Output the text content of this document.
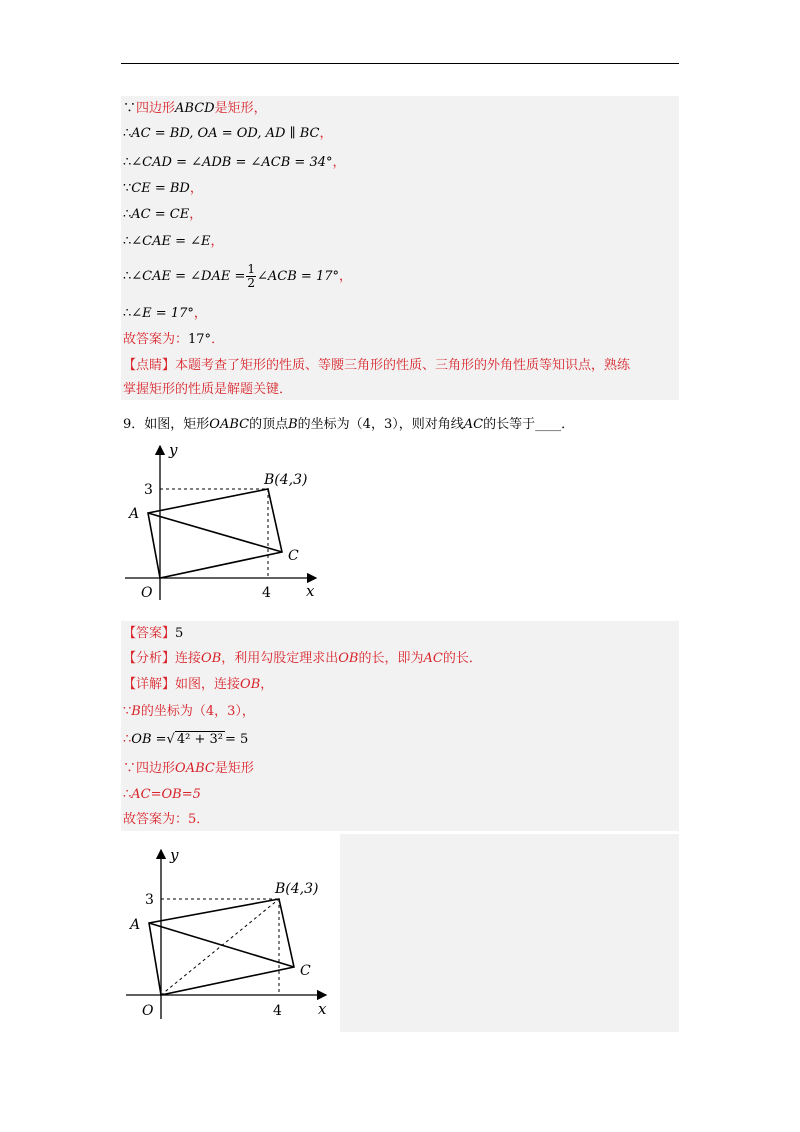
∵四边形ABCD是矩形，
∴AC = BD, OA = OD, AD ∥ BC，
∴∠CAD = ∠ADB = ∠ACB = 34°，
∵CE = BD，
∴AC = CE，
∴∠CAE = ∠E，
∴∠CAE = ∠DAE = $\frac{1}{2}$ ∠ACB = 17°，
∴∠E = 17°，
故答案为：17°．
【点睛】本题考查了矩形的性质、等腰三角形的性质、三角形的外角性质等知识点，熟练
掌握矩形的性质是解题关键．
9．如图，矩形OABC的顶点B的坐标为（4，3），则对角线AC的长等于____．
y
x
O
3
4
A
B(4,3)
C
【答案】5
【分析】连接OB，利用勾股定理求出OB的长，即为AC的长．
【详解】如图，连接OB，
∵B的坐标为（4，3），
∴OB =√ 4² + 3² = 5
∵四边形OABC是矩形
∴AC=OB=5
故答案为：5．
y
x
O
3
4
A
B(4,3)
C
